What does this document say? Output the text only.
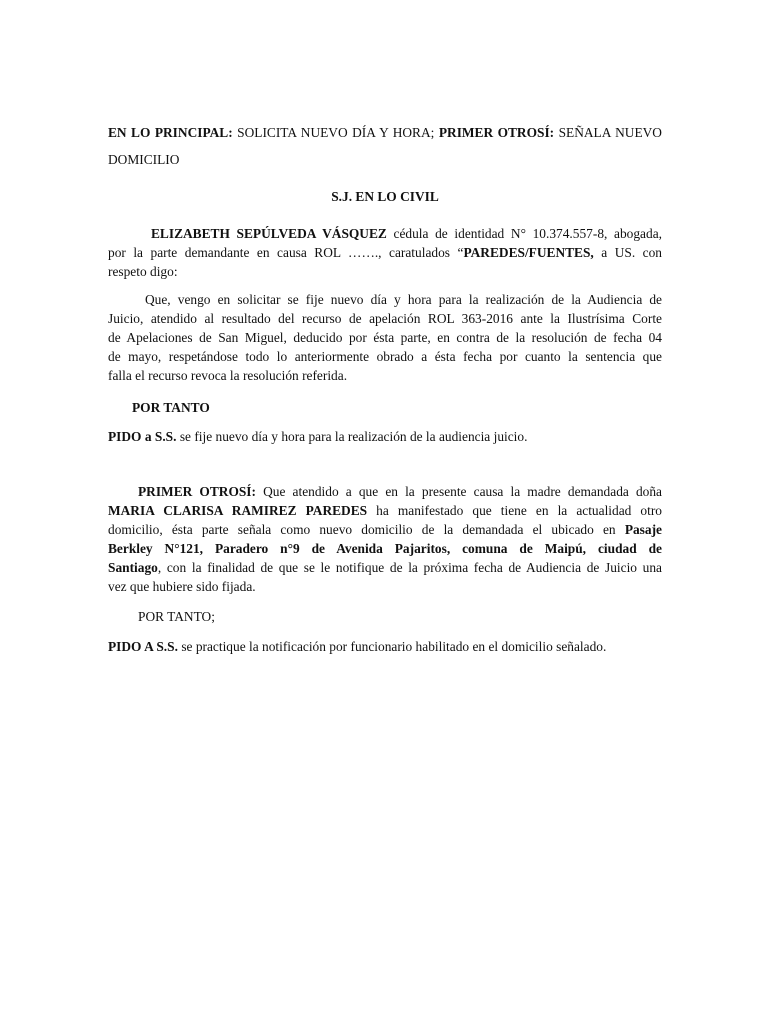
EN LO PRINCIPAL: SOLICITA NUEVO DÍA Y HORA; PRIMER OTROSÍ: SEÑALA NUEVO
DOMICILIO
S.J. EN LO CIVIL
ELIZABETH SEPÚLVEDA VÁSQUEZ cédula de identidad N° 10.374.557-8, abogada,
por la parte demandante en causa ROL ……., caratulados “PAREDES/FUENTES, a US. con
respeto digo:
Que, vengo en solicitar se fije nuevo día y hora para la realización de la Audiencia de
Juicio, atendido al resultado del recurso de apelación ROL 363-2016 ante la Ilustrísima Corte
de Apelaciones de San Miguel, deducido por ésta parte, en contra de la resolución de fecha 04
de mayo, respetándose todo lo anteriormente obrado a ésta fecha por cuanto la sentencia que
falla el recurso revoca la resolución referida.
POR TANTO
PIDO a S.S. se fije nuevo día y hora para la realización de la audiencia juicio.
PRIMER OTROSÍ: Que atendido a que en la presente causa la madre demandada doña
MARIA CLARISA RAMIREZ PAREDES ha manifestado que tiene en la actualidad otro
domicilio, ésta parte señala como nuevo domicilio de la demandada el ubicado en Pasaje
Berkley N°121, Paradero n°9 de Avenida Pajaritos, comuna de Maipú, ciudad de
Santiago, con la finalidad de que se le notifique de la próxima fecha de Audiencia de Juicio una
vez que hubiere sido fijada.
POR TANTO;
PIDO A S.S. se practique la notificación por funcionario habilitado en el domicilio señalado.
